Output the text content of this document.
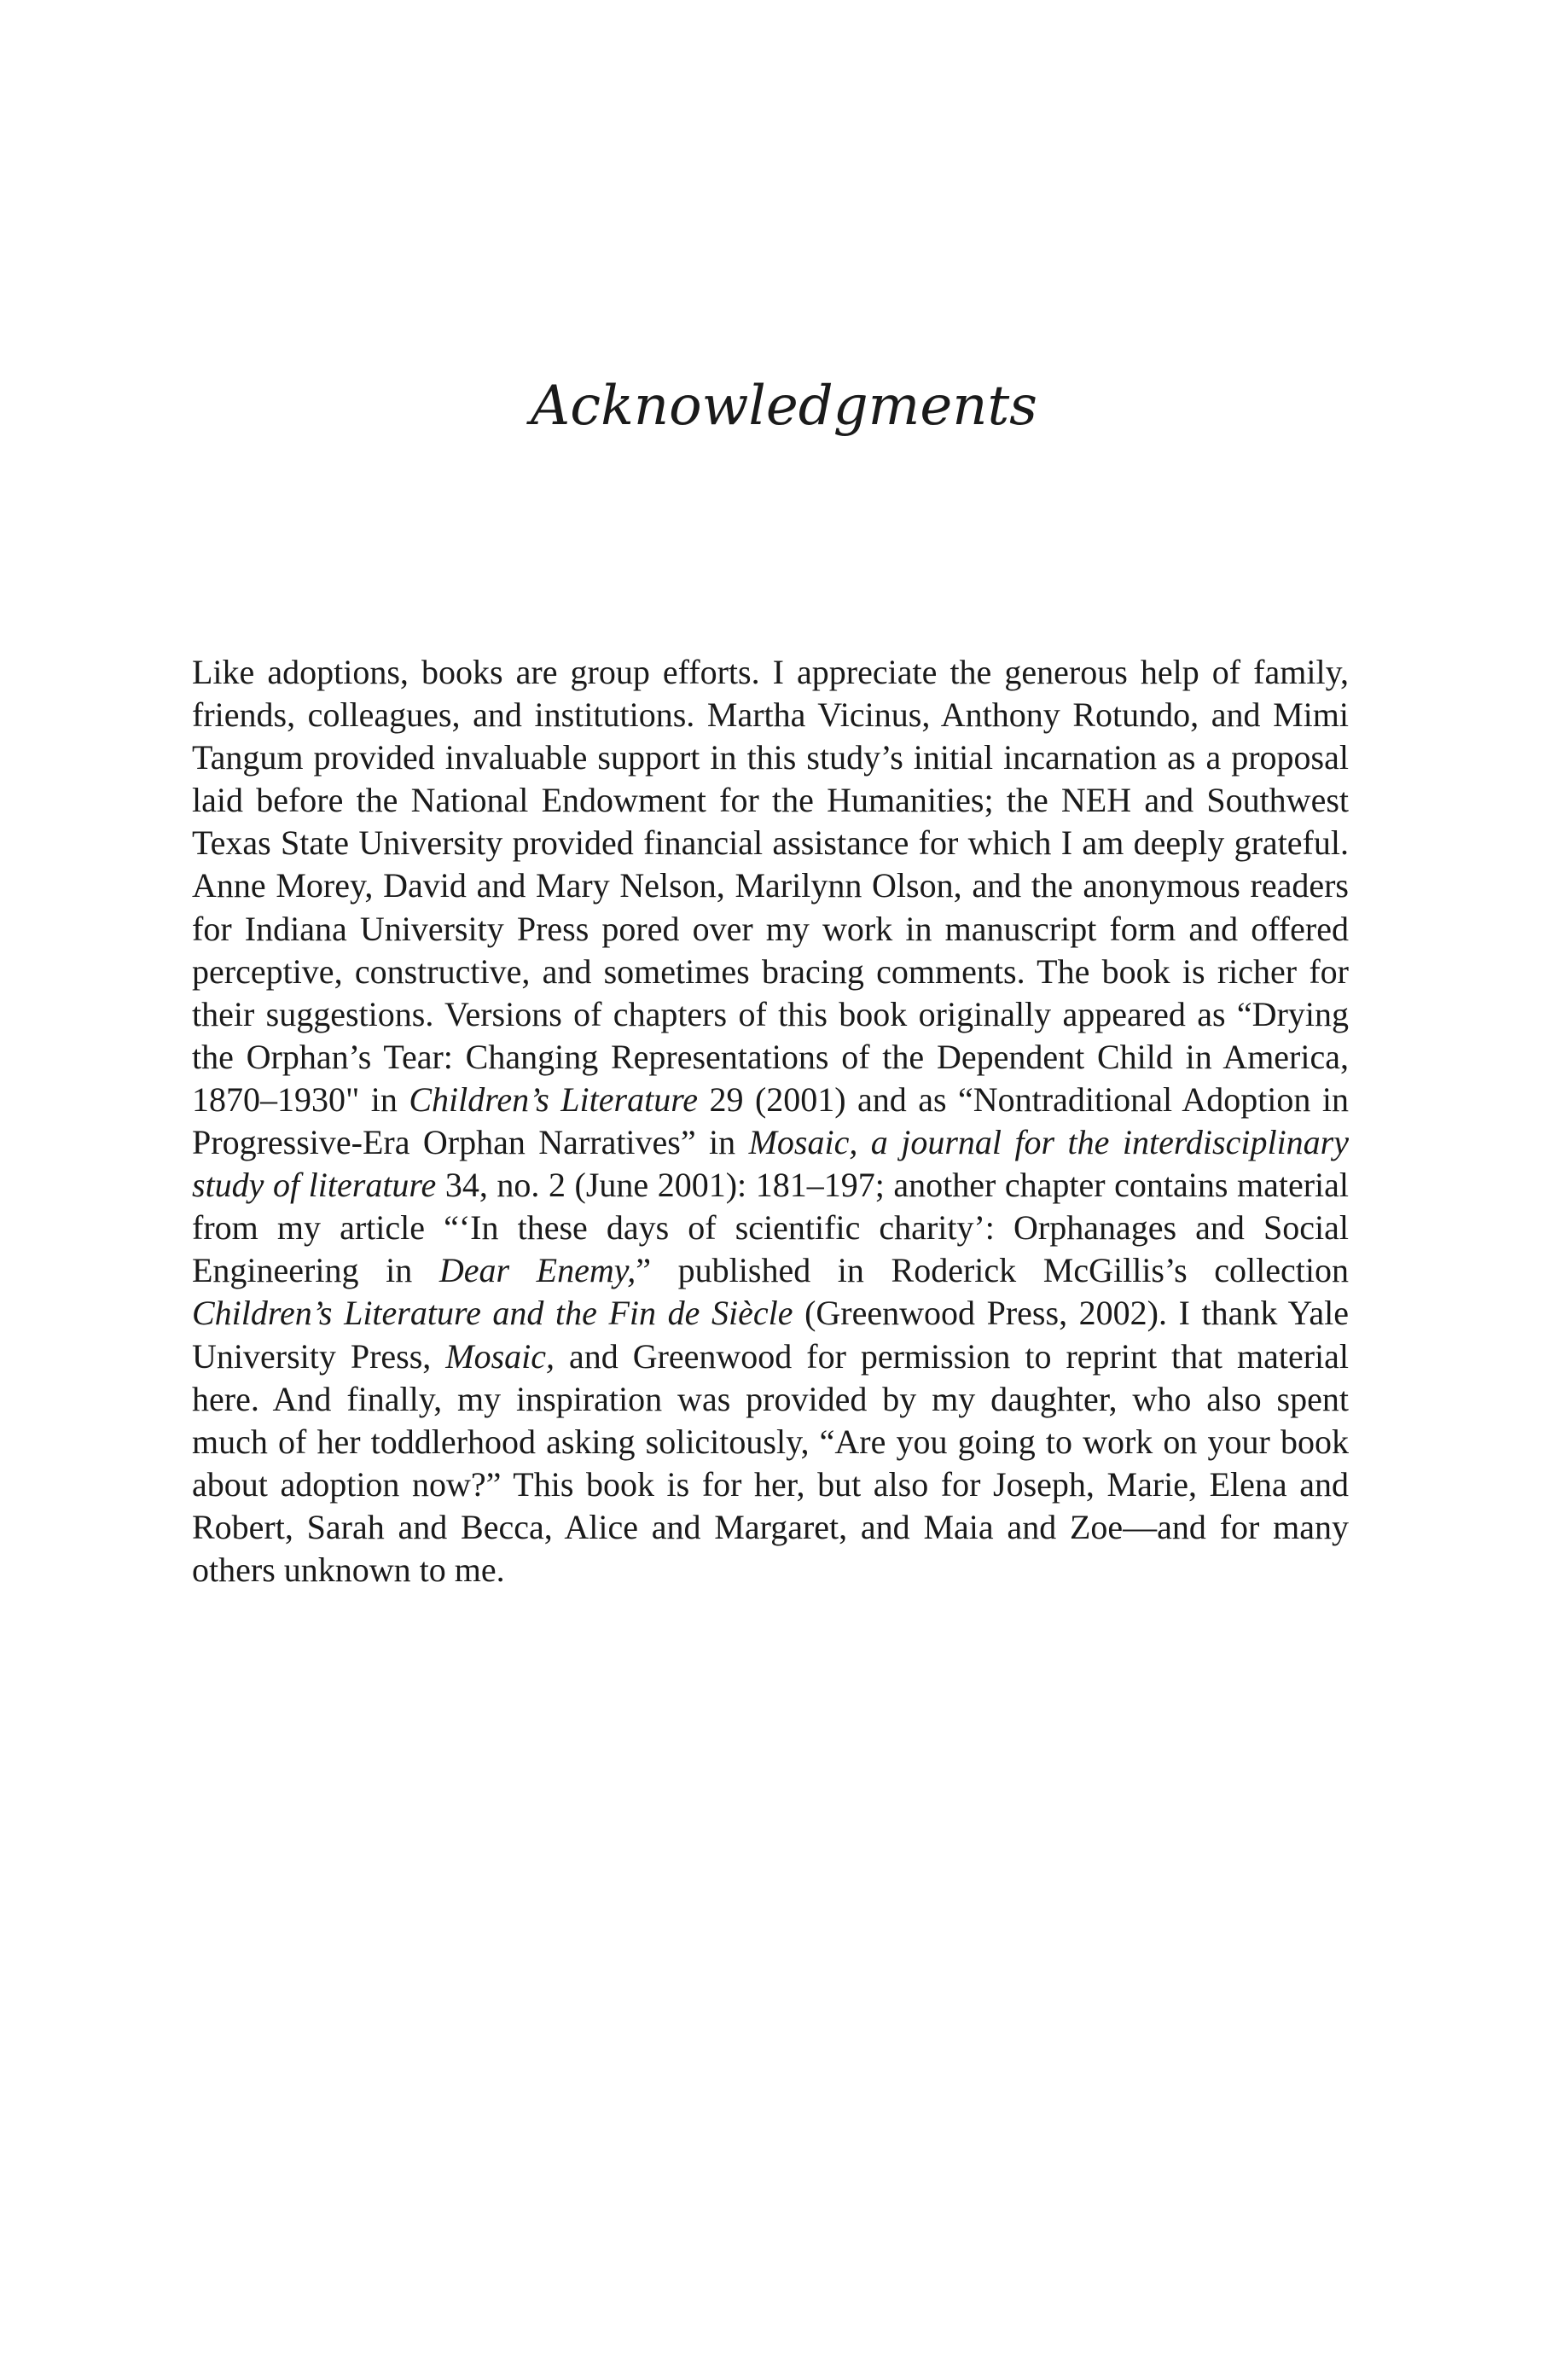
Acknowledgments

Like adoptions, books are group efforts. I appreciate the generous help of family, friends, colleagues, and institutions. Martha Vicinus, Anthony Rotundo, and Mimi Tangum provided invaluable support in this study’s initial incarnation as a proposal laid before the National Endowment for the Humanities; the NEH and Southwest Texas State University provided financial assistance for which I am deeply grateful. Anne Morey, David and Mary Nelson, Marilynn Olson, and the anonymous readers for Indiana University Press pored over my work in manuscript form and offered perceptive, constructive, and sometimes bracing comments. The book is richer for their suggestions. Versions of chapters of this book originally appeared as “Drying the Orphan’s Tear: Changing Representations of the Dependent Child in America, 1870–1930" in Children’s Literature 29 (2001) and as “Nontraditional Adoption in Progressive-Era Orphan Narratives” in Mosaic, a journal for the interdisciplinary study of literature 34, no. 2 (June 2001): 181–197; another chapter contains material from my article “‘In these days of scientific charity’: Orphanages and Social Engineering in Dear Enemy,” published in Roderick McGillis’s collection Children’s Literature and the Fin de Siècle (Greenwood Press, 2002). I thank Yale University Press, Mosaic, and Greenwood for permission to reprint that material here. And finally, my inspiration was provided by my daughter, who also spent much of her toddlerhood asking solicitously, “Are you going to work on your book about adoption now?” This book is for her, but also for Joseph, Marie, Elena and Robert, Sarah and Becca, Alice and Margaret, and Maia and Zoe—and for many others unknown to me.
